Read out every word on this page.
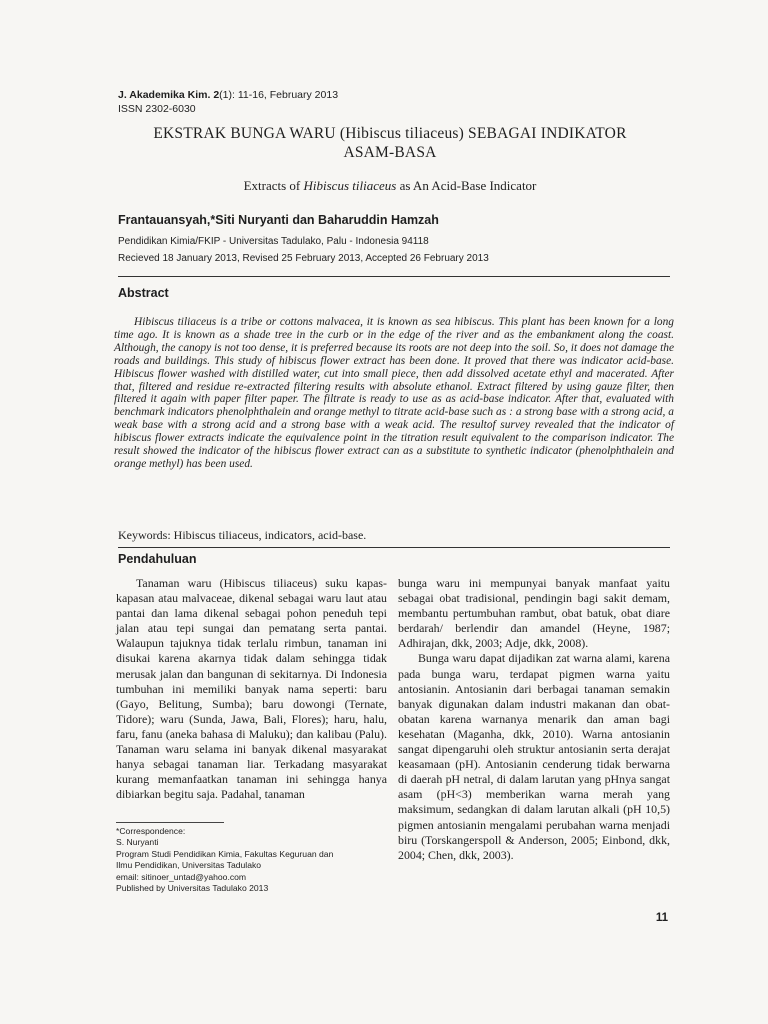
J. Akademika Kim. 2(1): 11-16, February 2013
ISSN 2302-6030
EKSTRAK BUNGA WARU (Hibiscus tiliaceus) SEBAGAI INDIKATOR
ASAM-BASA
Extracts of Hibiscus tiliaceus as An Acid-Base Indicator
Frantauansyah,*Siti Nuryanti dan Baharuddin Hamzah
Pendidikan Kimia/FKIP - Universitas Tadulako, Palu - Indonesia 94118
Recieved 18 January 2013, Revised 25 February 2013, Accepted 26 February 2013
Abstract

Hibiscus tiliaceus is a tribe or cottons malvacea, it is known as sea hibiscus. This plant has been known for a long time ago. It is known as a shade tree in the curb or in the edge of the river and as the embankment along the coast. Although, the canopy is not too dense, it is preferred because its roots are not deep into the soil. So, it does not damage the roads and buildings. This study of hibiscus flower extract has been done. It proved that there was indicator acid-base. Hibiscus flower washed with distilled water, cut into small piece, then add dissolved acetate ethyl and macerated. After that, filtered and residue re-extracted filtering results with absolute ethanol. Extract filtered by using gauze filter, then filtered it again with paper filter paper. The filtrate is ready to use as as acid-base indicator. After that, evaluated with benchmark indicators phenolphthalein and orange methyl to titrate acid-base such as : a strong base with a strong acid, a weak base with a strong acid and a strong base with a weak acid. The resultof survey revealed that the indicator of hibiscus flower extracts indicate the equivalence point in the titration result equivalent to the comparison indicator. The result showed the indicator of the hibiscus flower extract can as a substitute to synthetic indicator (phenolphthalein and orange methyl) has been used.

Keywords: Hibiscus tiliaceus, indicators, acid-base.
Pendahuluan

Tanaman waru (Hibiscus tiliaceus) suku kapas-kapasan atau malvaceae, dikenal sebagai waru laut atau pantai dan lama dikenal sebagai pohon peneduh tepi jalan atau tepi sungai dan pematang serta pantai. Walaupun tajuknya tidak terlalu rimbun, tanaman ini disukai karena akarnya tidak dalam sehingga tidak merusak jalan dan bangunan di sekitarnya. Di Indonesia tumbuhan ini memiliki banyak nama seperti: baru (Gayo, Belitung, Sumba); baru dowongi (Ternate, Tidore); waru (Sunda, Jawa, Bali, Flores); haru, halu, faru, fanu (aneka bahasa di Maluku); dan kalibau (Palu). Tanaman waru selama ini banyak dikenal masyarakat hanya sebagai tanaman liar. Terkadang masyarakat kurang memanfaatkan tanaman ini sehingga hanya dibiarkan begitu saja. Padahal, tanaman

bunga waru ini mempunyai banyak manfaat yaitu sebagai obat tradisional, pendingin bagi sakit demam, membantu pertumbuhan rambut, obat batuk, obat diare berdarah/ berlendir dan amandel (Heyne, 1987; Adhirajan, dkk, 2003; Adje, dkk, 2008).

Bunga waru dapat dijadikan zat warna alami, karena pada bunga waru, terdapat pigmen warna yaitu antosianin. Antosianin dari berbagai tanaman semakin banyak digunakan dalam industri makanan dan obat-obatan karena warnanya menarik dan aman bagi kesehatan (Maganha, dkk, 2010). Warna antosianin sangat dipengaruhi oleh struktur antosianin serta derajat keasamaan (pH). Antosianin cenderung tidak berwarna di daerah pH netral, di dalam larutan yang pHnya sangat asam (pH<3) memberikan warna merah yang maksimum, sedangkan di dalam larutan alkali (pH 10,5) pigmen antosianin mengalami perubahan warna menjadi biru (Torskangerspoll & Anderson, 2005; Einbond, dkk, 2004; Chen, dkk, 2003).

*Correspondence:
S. Nuryanti
Program Studi Pendidikan Kimia, Fakultas Keguruan dan
Ilmu Pendidikan, Universitas Tadulako
email: sitinoer_untad@yahoo.com
Published by Universitas Tadulako 2013
11
